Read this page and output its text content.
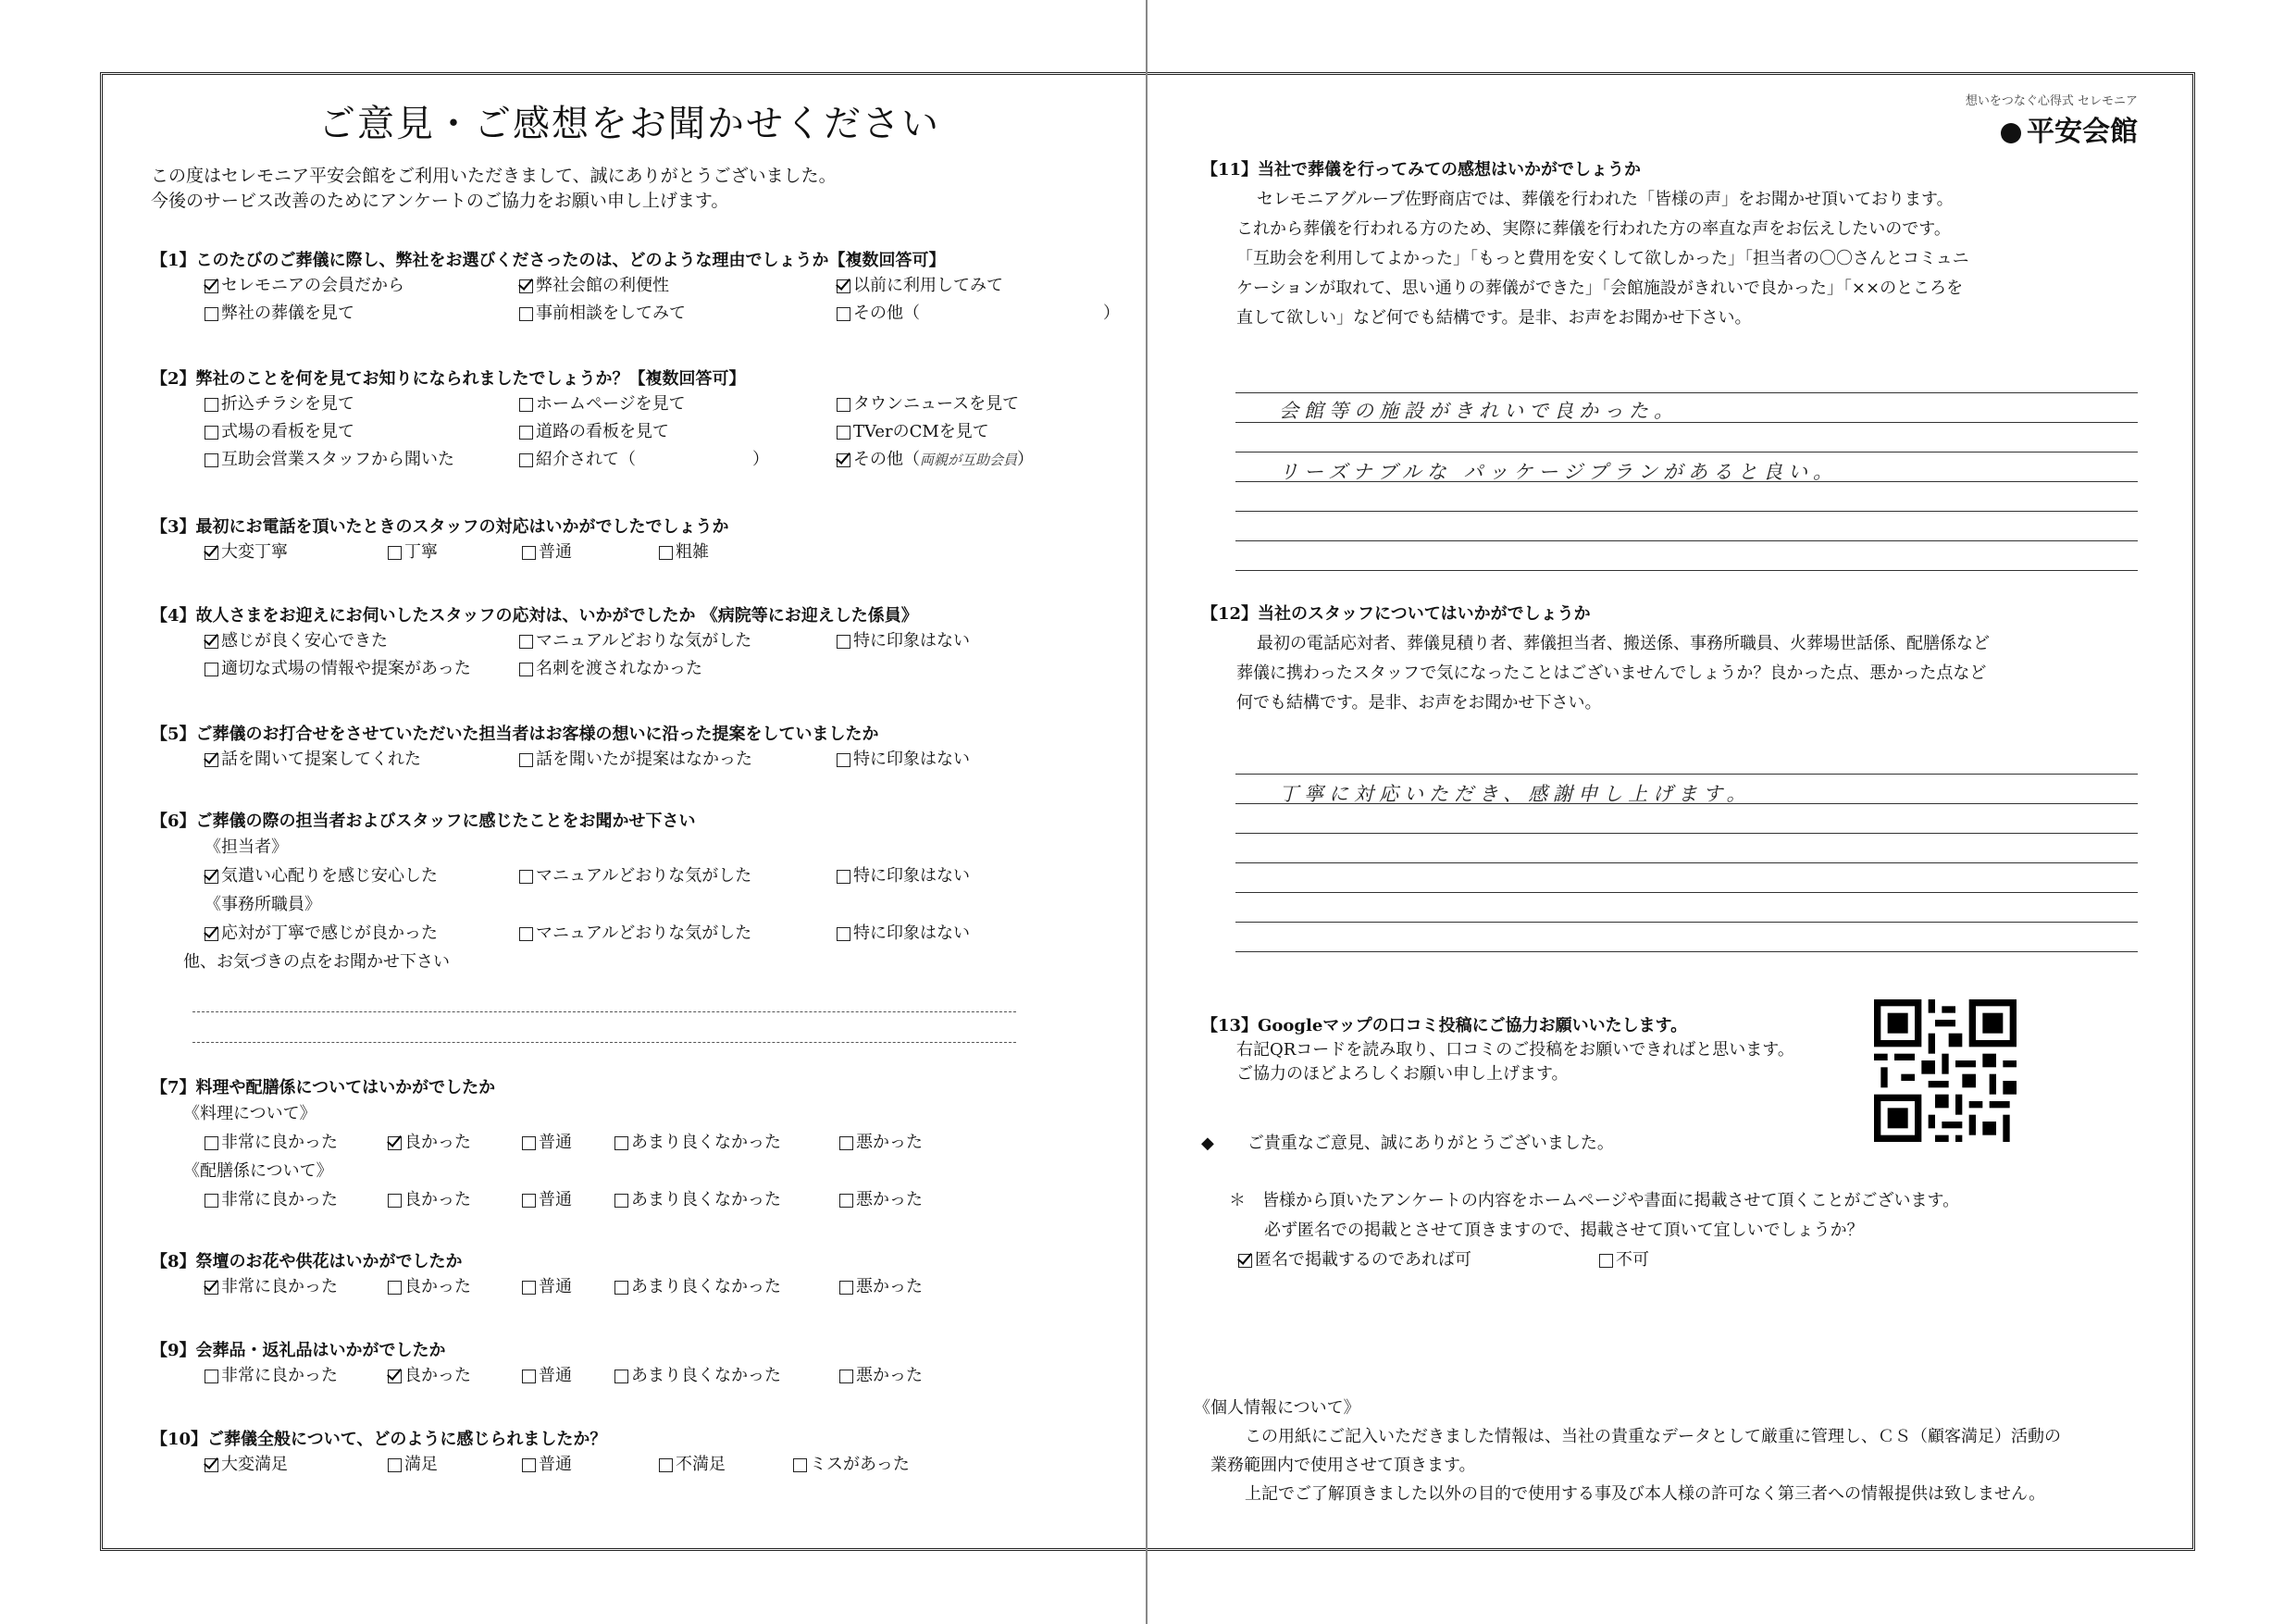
ご意見・ご感想をお聞かせください
この度はセレモニア平安会館をご利用いただきまして、誠にありがとうございました。
今後のサービス改善のためにアンケートのご協力をお願い申し上げます。
【1】このたびのご葬儀に際し、弊社をお選びくださったのは、どのような理由でしょうか【複数回答可】
セレモニアの会員だから	弊社会館の利便性	以前に利用してみて
弊社の葬儀を見て	事前相談をしてみて	その他（　　　　　　　　　　　）
【2】弊社のことを何を見てお知りになられましたでしょうか？【複数回答可】
折込チラシを見て	ホームページを見て	タウンニュースを見て
式場の看板を見て	道路の看板を見て	TVerのCMを見て
互助会営業スタッフから聞いた	紹介されて（　　　　　　　）	その他（ 両親が互助会員 ）
【3】最初にお電話を頂いたときのスタッフの対応はいかがでしたでしょうか
大変丁寧	丁寧	普通	粗雑
【4】故人さまをお迎えにお伺いしたスタッフの応対は、いかがでしたか 《病院等にお迎えした係員》
感じが良く安心できた	マニュアルどおりな気がした	特に印象はない
適切な式場の情報や提案があった	名刺を渡されなかった
【5】ご葬儀のお打合せをさせていただいた担当者はお客様の想いに沿った提案をしていましたか
話を聞いて提案してくれた	話を聞いたが提案はなかった	特に印象はない
【6】ご葬儀の際の担当者およびスタッフに感じたことをお聞かせ下さい
《担当者》
気遣い心配りを感じ安心した	マニュアルどおりな気がした	特に印象はない
《事務所職員》
応対が丁寧で感じが良かった	マニュアルどおりな気がした	特に印象はない
他、お気づきの点をお聞かせ下さい
【7】料理や配膳係についてはいかがでしたか
《料理について》
非常に良かった	良かった	普通	あまり良くなかった	悪かった
《配膳係について》
非常に良かった	良かった	普通	あまり良くなかった	悪かった
【8】祭壇のお花や供花はいかがでしたか
非常に良かった	良かった	普通	あまり良くなかった	悪かった
【9】会葬品・返礼品はいかがでしたか
非常に良かった	良かった	普通	あまり良くなかった	悪かった
【10】ご葬儀全般について、どのように感じられましたか？
大変満足	満足	普通	不満足	ミスがあった
想いをつなぐ心得式 セレモニア
平安会館
【11】当社で葬儀を行ってみての感想はいかがでしょうか
セレモニアグループ佐野商店では、葬儀を行われた「皆様の声」をお聞かせ頂いております。
これから葬儀を行われる方のため、実際に葬儀を行われた方の率直な声をお伝えしたいのです。
「互助会を利用してよかった」「もっと費用を安くして欲しかった」「担当者の〇〇さんとコミュニ
ケーションが取れて、思い通りの葬儀ができた」「会館施設がきれいで良かった」「××のところを
直して欲しい」など何でも結構です。是非、お声をお聞かせ下さい。
会館等の施設がきれいで良かった。
リーズナブルな パッケージプランがあると良い。
【12】当社のスタッフについてはいかがでしょうか
最初の電話応対者、葬儀見積り者、葬儀担当者、搬送係、事務所職員、火葬場世話係、配膳係など
葬儀に携わったスタッフで気になったことはございませんでしょうか？良かった点、悪かった点など
何でも結構です。是非、お声をお聞かせ下さい。
丁寧に対応いただき、感謝申し上げます。
【13】Googleマップの口コミ投稿にご協力お願いいたします。
右記QRコードを読み取り、口コミのご投稿をお願いできればと思います。
ご協力のほどよろしくお願い申し上げます。
◆　　ご貴重なご意見、誠にありがとうございました。
＊　皆様から頂いたアンケートの内容をホームページや書面に掲載させて頂くことがございます。
必ず匿名での掲載とさせて頂きますので、掲載させて頂いて宜しいでしょうか？
匿名で掲載するのであれば可	不可
《個人情報について》
この用紙にご記入いただきました情報は、当社の貴重なデータとして厳重に管理し、ＣＳ（顧客満足）活動の
業務範囲内で使用させて頂きます。
上記でご了解頂きました以外の目的で使用する事及び本人様の許可なく第三者への情報提供は致しません。
